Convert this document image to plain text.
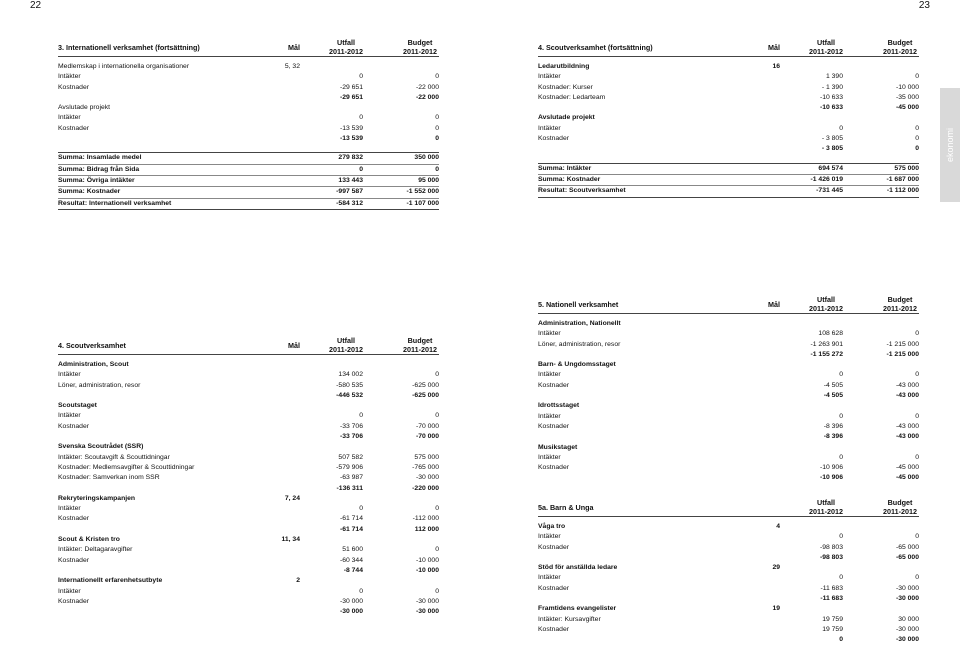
22	23
ekonomi
3. Internationell verksamhet (fortsättning)	Mål
Utfall
2011-2012
Budget
2011-2012
Medlemskap i internationella organisationer	5, 32
Intäkter	0	0
Kostnader	-29 651	-22 000
-29 651	-22 000
Avslutade projekt
Intäkter	0	0
Kostnader	-13 539	0
-13 539	0
Summa: Insamlade medel	279 832	350 000
Summa: Bidrag från Sida	0	0
Summa: Övriga intäkter	133 443	95 000
Summa: Kostnader	-997 587	-1 552 000
Resultat: Internationell verksamhet	-584 312	-1 107 000
4. Scoutverksamhet	Mål
Utfall
2011-2012
Budget
2011-2012
Administration, Scout
Intäkter	134 002	0
Löner, administration, resor	-580 535	-625 000
-446 532	-625 000
Scoutstaget
Intäkter	0	0
Kostnader	-33 706	-70 000
-33 706	-70 000
Svenska Scoutrådet (SSR)
Intäkter: Scoutavgift & Scouttidningar	507 582	575 000
Kostnader: Medlemsavgifter & Scouttidningar	-579 906	-765 000
Kostnader: Samverkan inom SSR	-63 987	-30 000
-136 311	-220 000
Rekryteringskampanjen	7, 24
Intäkter	0	0
Kostnader	-61 714	-112 000
-61 714	112 000
Scout & Kristen tro	11, 34
Intäkter: Deltagaravgifter	51 600	0
Kostnader	-60 344	-10 000
-8 744	-10 000
Internationellt erfarenhetsutbyte	2
Intäkter	0	0
Kostnader	-30 000	-30 000
-30 000	-30 000
4. Scoutverksamhet (fortsättning)	Mål
Utfall
2011-2012
Budget
2011-2012
Ledarutbildning	16
Intäkter	1 390	0
Kostnader: Kurser	- 1 390	-10 000
Kostnader: Ledarteam	-10 633	-35 000
-10 633	-45 000
Avslutade projekt
Intäkter	0	0
Kostnader	- 3 805	0
- 3 805	0
Summa: Intäkter	694 574	575 000
Summa: Kostnader	-1 426 019	-1 687 000
Resultat: Scoutverksamhet	-731 445	-1 112 000
5. Nationell verksamhet	Mål
Utfall
2011-2012
Budget
2011-2012
Administration, Nationellt
Intäkter	108 628	0
Löner, administration, resor	-1 263 901	-1 215 000
-1 155 272	-1 215 000
Barn- & Ungdomsstaget
Intäkter	0	0
Kostnader	-4 505	-43 000
-4 505	-43 000
Idrottsstaget
Intäkter	0	0
Kostnader	-8 396	-43 000
-8 396	-43 000
Musikstaget
Intäkter	0	0
Kostnader	-10 906	-45 000
-10 906	-45 000
5a. Barn & Unga
Utfall
2011-2012
Budget
2011-2012
Våga tro	4
Intäkter	0	0
Kostnader	-98 803	-65 000
-98 803	-65 000
Stöd för anställda ledare	29
Intäkter	0	0
Kostnader	-11 683	-30 000
-11 683	-30 000
Framtidens evangelister	19
Intäkter: Kursavgifter	19 759	30 000
Kostnader	19 759	-30 000
0	-30 000
